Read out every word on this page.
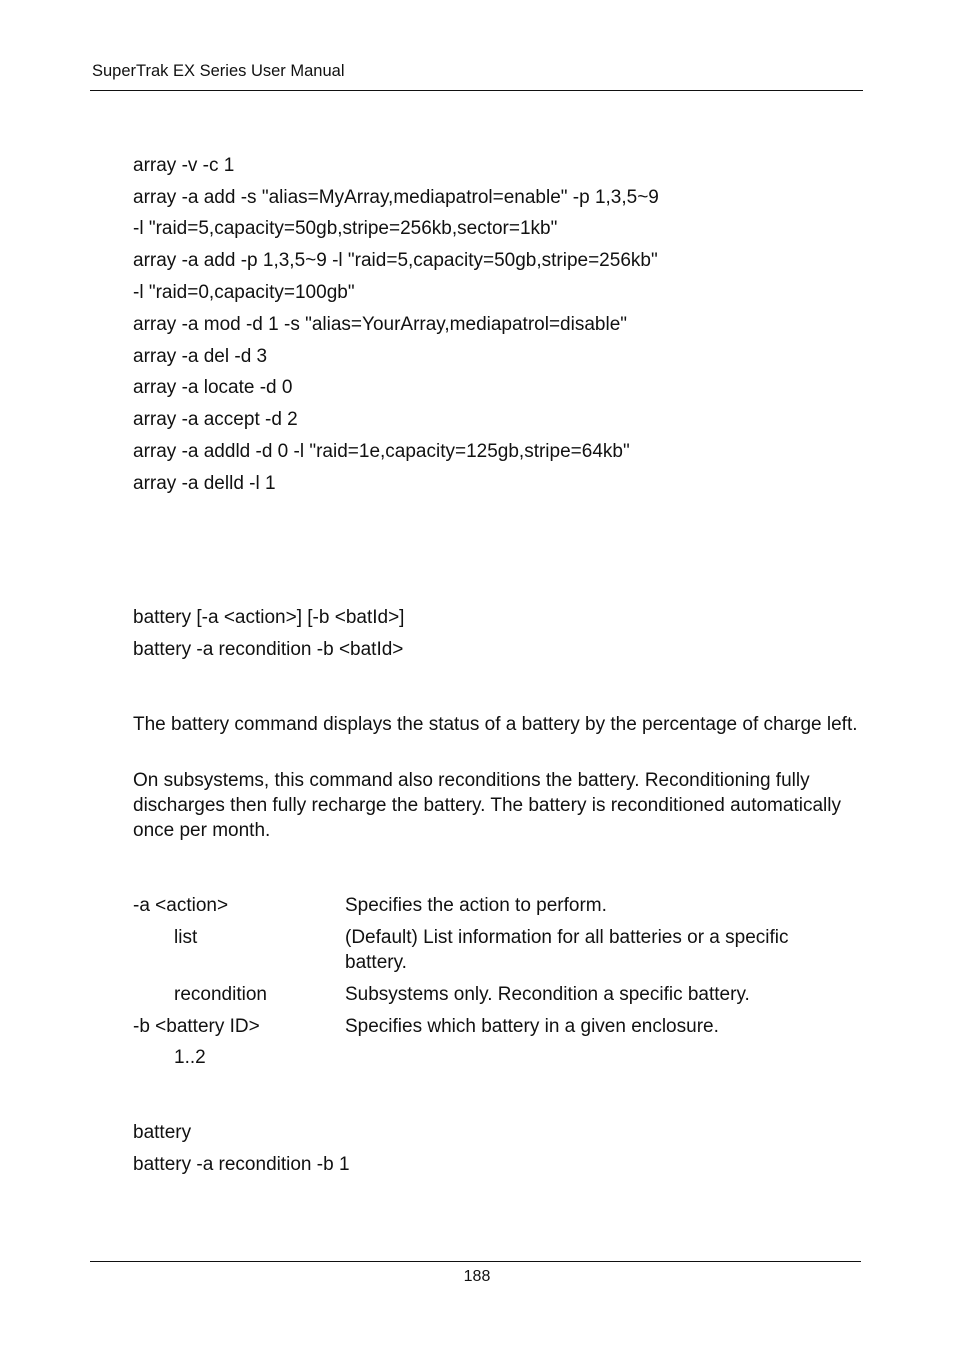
SuperTrak EX Series User Manual
array -v -c 1
array -a add -s "alias=MyArray,mediapatrol=enable" -p 1,3,5~9
-l "raid=5,capacity=50gb,stripe=256kb,sector=1kb"
array -a add -p 1,3,5~9 -l "raid=5,capacity=50gb,stripe=256kb"
-l "raid=0,capacity=100gb"
array -a mod -d 1 -s "alias=YourArray,mediapatrol=disable"
array -a del -d 3
array -a locate -d 0
array -a accept -d 2
array -a addld -d 0 -l "raid=1e,capacity=125gb,stripe=64kb"
array -a delld -l 1
battery [-a <action>] [-b <batId>]
battery -a recondition -b <batId>

The battery command displays the status of a battery by the percentage of charge left.

On subsystems, this command also reconditions the battery. Reconditioning fully discharges then fully recharge the battery. The battery is reconditioned automatically once per month.

-a <action>	Specifies the action to perform.
list	(Default) List information for all batteries or a specific battery.
recondition	Subsystems only. Recondition a specific battery.
-b <battery ID>	Specifies which battery in a given enclosure.
1..2
battery
battery -a recondition -b 1
188
